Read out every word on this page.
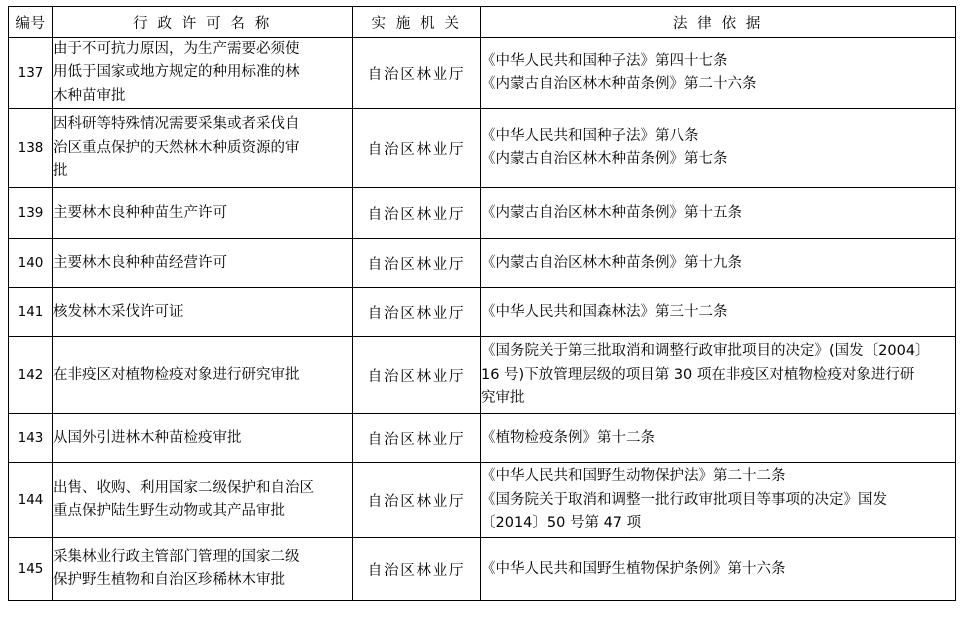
编号	行 政 许 可 名 称	实 施 机 关	法 律 依 据
137	由于不可抗力原因，为生产需要必须使
用低于国家或地方规定的种用标准的林
木种苗审批	自治区林业厅	《中华人民共和国种子法》第四十七条
《内蒙古自治区林木种苗条例》第二十六条

138	因科研等特殊情况需要采集或者采伐自
治区重点保护的天然林木种质资源的审
批	自治区林业厅	《中华人民共和国种子法》第八条
《内蒙古自治区林木种苗条例》第七条

139	主要林木良种种苗生产许可	自治区林业厅	《内蒙古自治区林木种苗条例》第十五条

140	主要林木良种种苗经营许可	自治区林业厅	《内蒙古自治区林木种苗条例》第十九条

141	核发林木采伐许可证	自治区林业厅	《中华人民共和国森林法》第三十二条

142	在非疫区对植物检疫对象进行研究审批	自治区林业厅	《国务院关于第三批取消和调整行政审批项目的决定》(国发〔2004〕
16 号)下放管理层级的项目第 30 项在非疫区对植物检疫对象进行研
究审批

143	从国外引进林木种苗检疫审批	自治区林业厅	《植物检疫条例》第十二条

144	出售、收购、利用国家二级保护和自治区
重点保护陆生野生动物或其产品审批	自治区林业厅	《中华人民共和国野生动物保护法》第二十二条
《国务院关于取消和调整一批行政审批项目等事项的决定》国发
〔2014〕50 号第 47 项

145	采集林业行政主管部门管理的国家二级
保护野生植物和自治区珍稀林木审批	自治区林业厅	《中华人民共和国野生植物保护条例》第十六条
